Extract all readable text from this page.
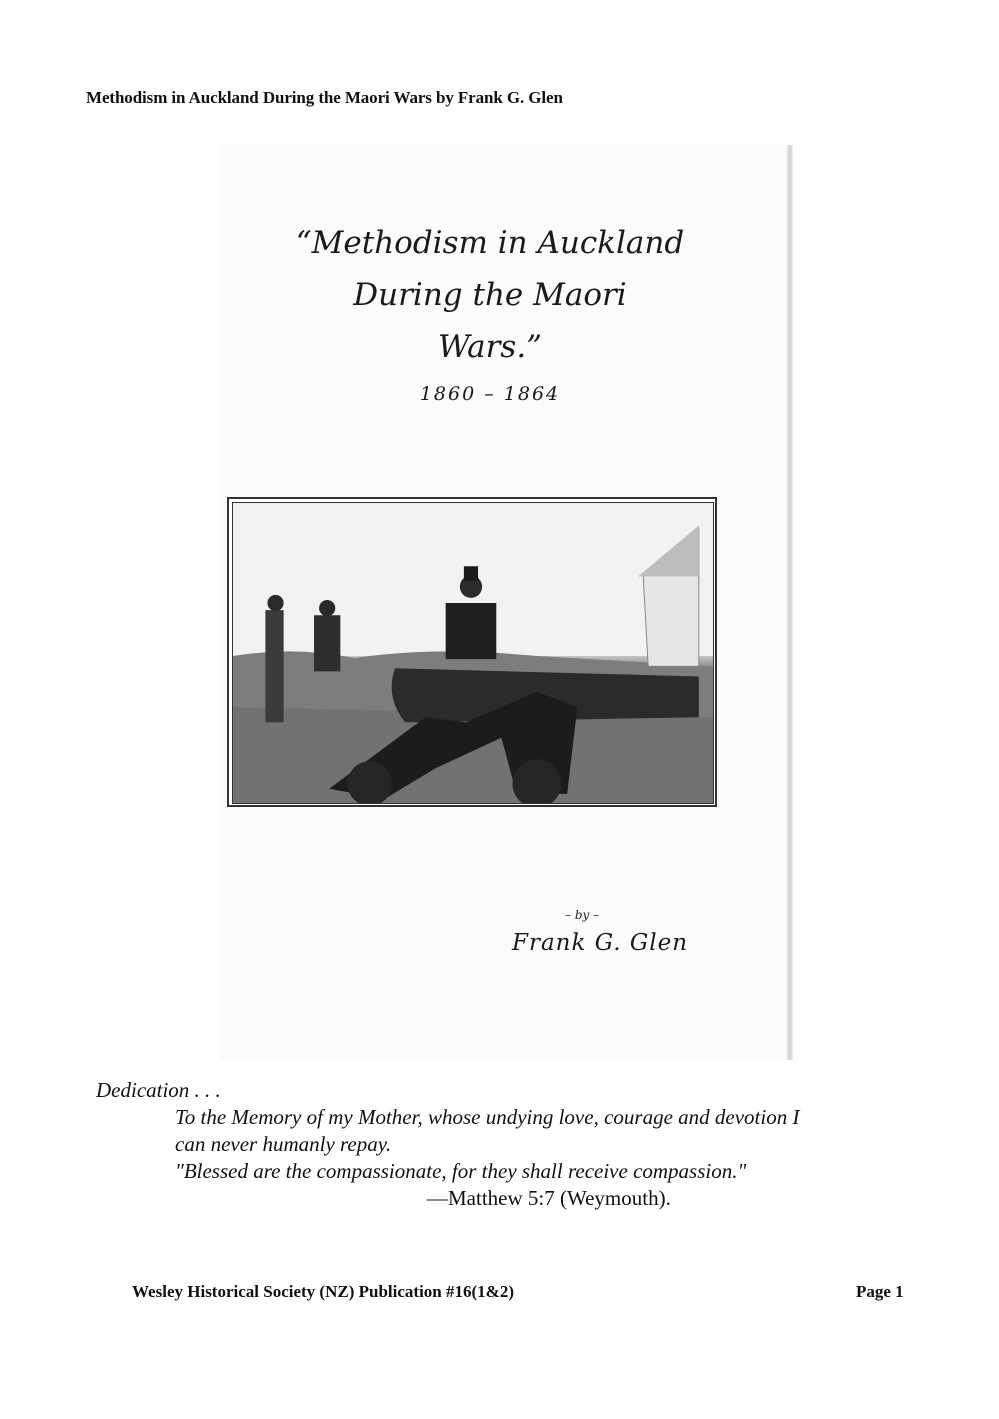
Methodism in Auckland During the Maori Wars by Frank G. Glen
“Methodism in Auckland
During the Maori
Wars.”
1860 – 1864
– by –
Frank G. Glen
Dedication . . .
To the Memory of my Mother, whose undying love, courage and devotion I
can never humanly repay.
"Blessed are the compassionate, for they shall receive compassion."
—Matthew 5:7 (Weymouth).
Wesley Historical Society (NZ) Publication #16(1&2)	Page 1
